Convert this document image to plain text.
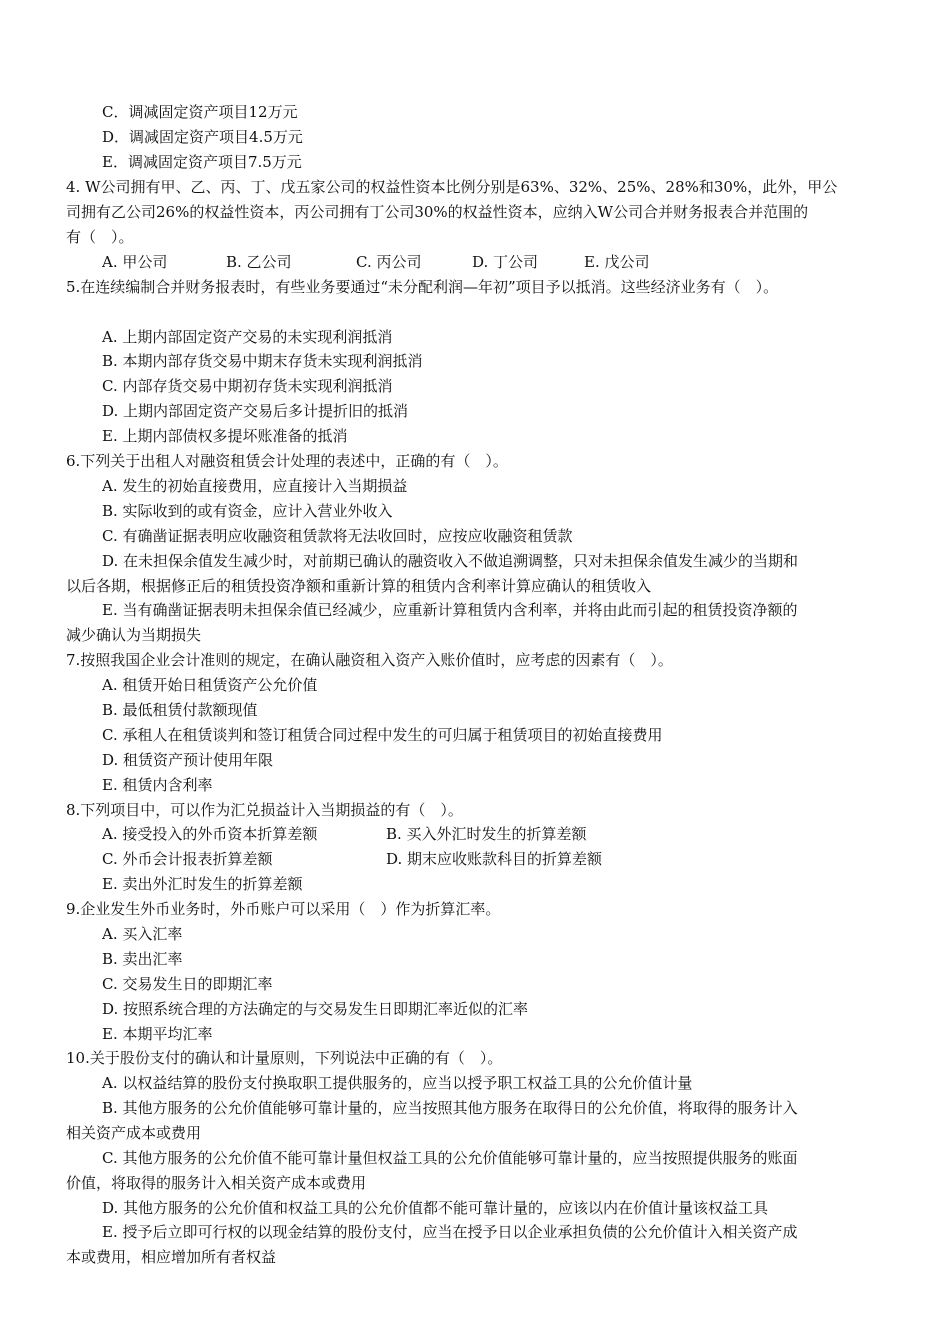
C．调减固定资产项目12万元
D．调减固定资产项目4.5万元
E．调减固定资产项目7.5万元
4. W公司拥有甲、乙、丙、丁、戊五家公司的权益性资本比例分别是63%、32%、25%、28%和30%，此外，甲公
司拥有乙公司26%的权益性资本，丙公司拥有丁公司30%的权益性资本，应纳入W公司合并财务报表合并范围的
有（　）。
A. 甲公司	B. 乙公司	C. 丙公司	D. 丁公司	E. 戊公司
5.在连续编制合并财务报表时，有些业务要通过“未分配利润—年初”项目予以抵消。这些经济业务有（　）。
A. 上期内部固定资产交易的未实现利润抵消
B. 本期内部存货交易中期末存货未实现利润抵消
C. 内部存货交易中期初存货未实现利润抵消
D. 上期内部固定资产交易后多计提折旧的抵消
E. 上期内部债权多提坏账准备的抵消
6.下列关于出租人对融资租赁会计处理的表述中，正确的有（　）。
A. 发生的初始直接费用，应直接计入当期损益
B. 实际收到的或有资金，应计入营业外收入
C. 有确凿证据表明应收融资租赁款将无法收回时，应按应收融资租赁款
D. 在未担保余值发生减少时，对前期已确认的融资收入不做追溯调整，只对未担保余值发生减少的当期和
以后各期，根据修正后的租赁投资净额和重新计算的租赁内含利率计算应确认的租赁收入
E. 当有确凿证据表明未担保余值已经减少，应重新计算租赁内含利率，并将由此而引起的租赁投资净额的
减少确认为当期损失
7.按照我国企业会计准则的规定，在确认融资租入资产入账价值时，应考虑的因素有（　）。
A. 租赁开始日租赁资产公允价值
B. 最低租赁付款额现值
C. 承租人在租赁谈判和签订租赁合同过程中发生的可归属于租赁项目的初始直接费用
D. 租赁资产预计使用年限
E. 租赁内含利率
8.下列项目中，可以作为汇兑损益计入当期损益的有（　）。
A. 接受投入的外币资本折算差额	B. 买入外汇时发生的折算差额
C. 外币会计报表折算差额	D. 期末应收账款科目的折算差额
E. 卖出外汇时发生的折算差额
9.企业发生外币业务时，外币账户可以采用（　）作为折算汇率。
A. 买入汇率
B. 卖出汇率
C. 交易发生日的即期汇率
D. 按照系统合理的方法确定的与交易发生日即期汇率近似的汇率
E. 本期平均汇率
10.关于股份支付的确认和计量原则，下列说法中正确的有（　）。
A. 以权益结算的股份支付换取职工提供服务的，应当以授予职工权益工具的公允价值计量
B. 其他方服务的公允价值能够可靠计量的，应当按照其他方服务在取得日的公允价值，将取得的服务计入
相关资产成本或费用
C. 其他方服务的公允价值不能可靠计量但权益工具的公允价值能够可靠计量的，应当按照提供服务的账面
价值，将取得的服务计入相关资产成本或费用
D. 其他方服务的公允价值和权益工具的公允价值都不能可靠计量的，应该以内在价值计量该权益工具
E. 授予后立即可行权的以现金结算的股份支付，应当在授予日以企业承担负债的公允价值计入相关资产成
本或费用，相应增加所有者权益
